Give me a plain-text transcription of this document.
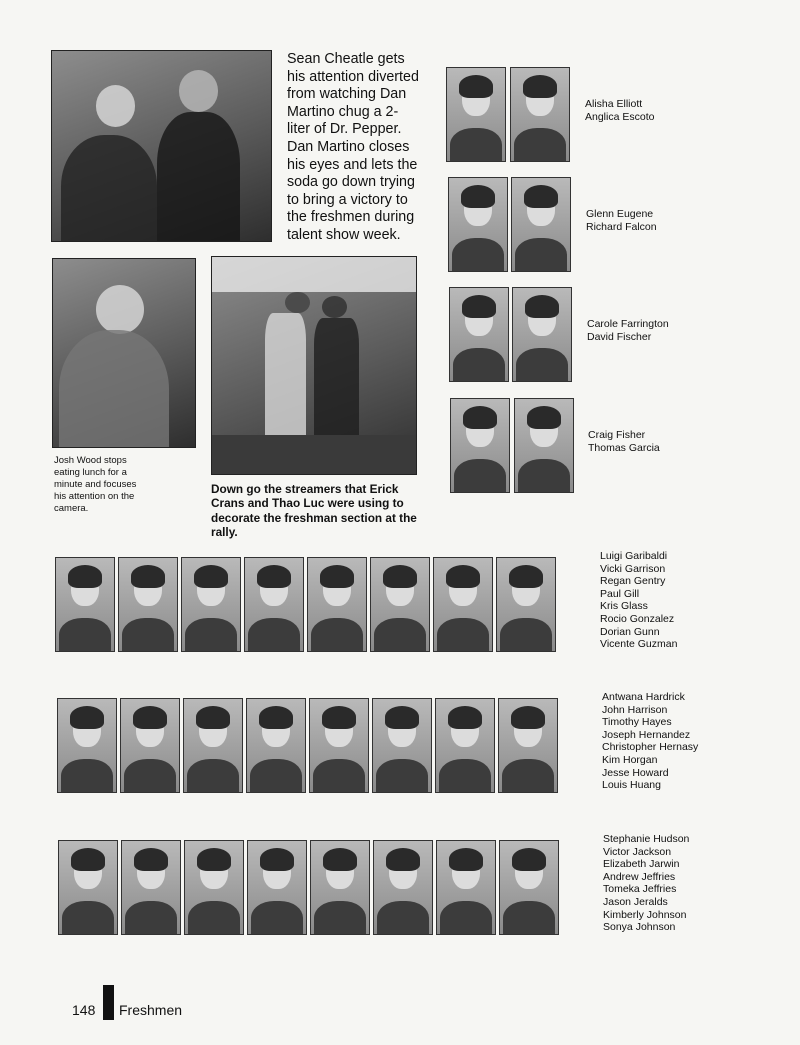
Sean Cheatle gets his attention diverted from watching Dan Martino chug a 2-liter of Dr. Pepper. Dan Martino closes his eyes and lets the soda go down trying to bring a victory to the freshmen during talent show week.

Josh Wood stops eating lunch for a minute and focuses his attention on the camera.

Down go the streamers that Erick Crans and Thao Luc were using to decorate the freshman section at the rally.

Alisha Elliott
Anglica Escoto
Glenn Eugene
Richard Falcon
Carole Farrington
David Fischer
Craig Fisher
Thomas Garcia
Luigi Garibaldi
Vicki Garrison
Regan Gentry
Paul Gill
Kris Glass
Rocio Gonzalez
Dorian Gunn
Vicente Guzman
Antwana Hardrick
John Harrison
Timothy Hayes
Joseph Hernandez
Christopher Hernasy
Kim Horgan
Jesse Howard
Louis Huang
Stephanie Hudson
Victor Jackson
Elizabeth Jarwin
Andrew Jeffries
Tomeka Jeffries
Jason Jeralds
Kimberly Johnson
Sonya Johnson
148 Freshmen
